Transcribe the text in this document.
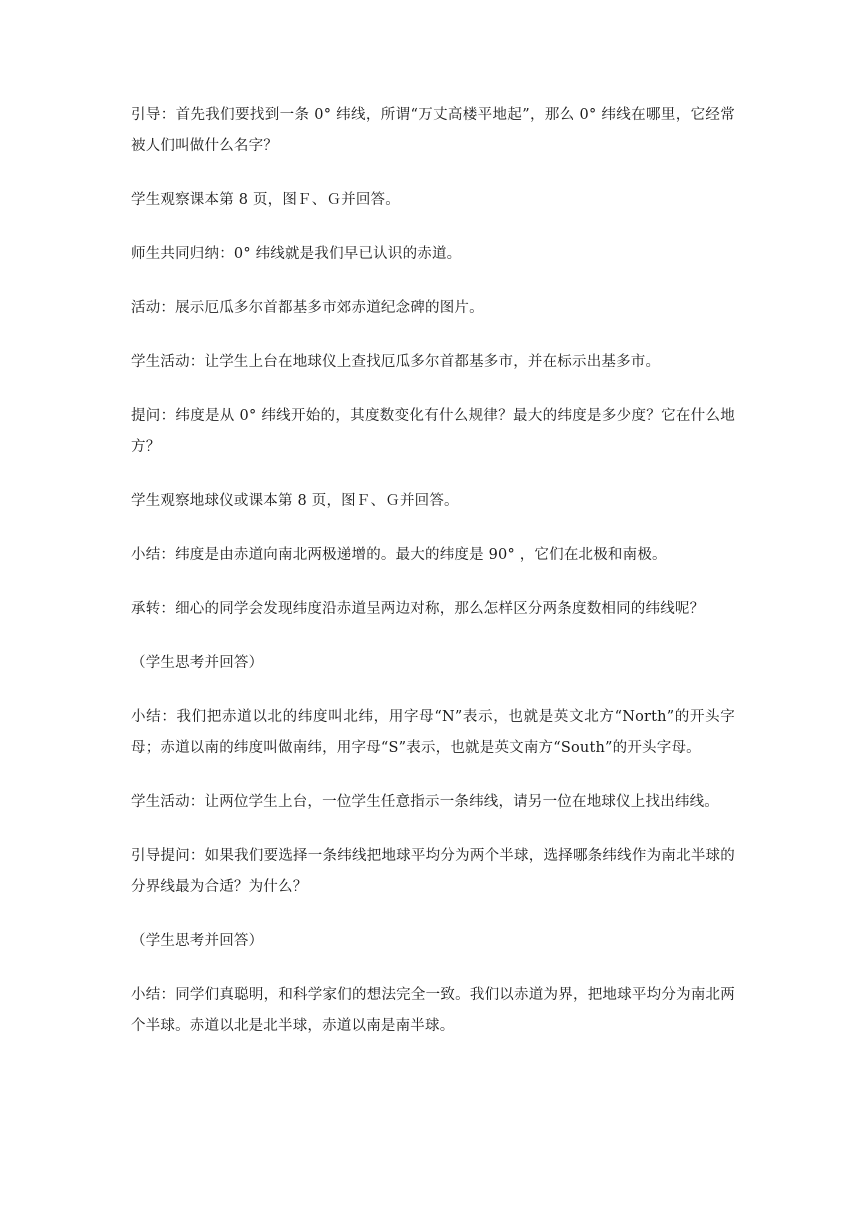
引导：首先我们要找到一条 0° 纬线，所谓“万丈高楼平地起”，那么 0° 纬线在哪里，它经常被人们叫做什么名字？

学生观察课本第 8 页，图Ｆ、Ｇ并回答。

师生共同归纳：0° 纬线就是我们早已认识的赤道。

活动：展示厄瓜多尔首都基多市郊赤道纪念碑的图片。

学生活动：让学生上台在地球仪上查找厄瓜多尔首都基多市，并在标示出基多市。

提问：纬度是从 0° 纬线开始的，其度数变化有什么规律？最大的纬度是多少度？它在什么地方？

学生观察地球仪或课本第 8 页，图Ｆ、Ｇ并回答。

小结：纬度是由赤道向南北两极递增的。最大的纬度是 90° ，它们在北极和南极。

承转：细心的同学会发现纬度沿赤道呈两边对称，那么怎样区分两条度数相同的纬线呢？

（学生思考并回答）

小结：我们把赤道以北的纬度叫北纬，用字母“N”表示，也就是英文北方“North”的开头字母；赤道以南的纬度叫做南纬，用字母“S”表示，也就是英文南方“South”的开头字母。

学生活动：让两位学生上台，一位学生任意指示一条纬线，请另一位在地球仪上找出纬线。

引导提问：如果我们要选择一条纬线把地球平均分为两个半球，选择哪条纬线作为南北半球的分界线最为合适？为什么？

（学生思考并回答）

小结：同学们真聪明，和科学家们的想法完全一致。我们以赤道为界，把地球平均分为南北两个半球。赤道以北是北半球，赤道以南是南半球。
